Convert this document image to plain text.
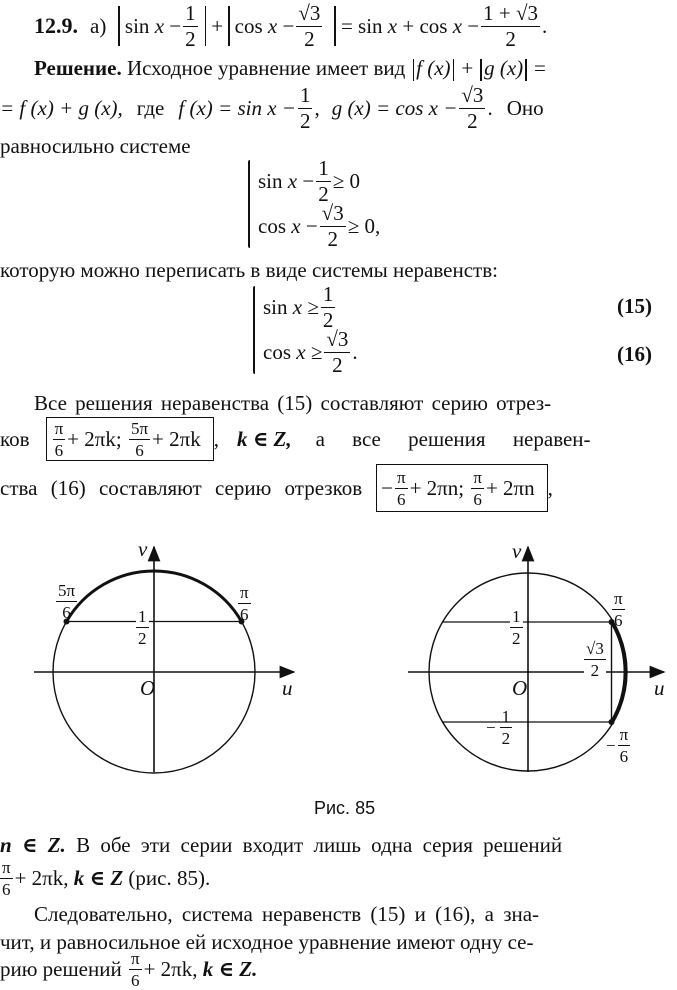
12.9. а) sin
x
− $\frac{1}{2} + \cos$
x
− $\frac{√3}{2}$ =
sin
x
+
cos
x
− $\frac{1 + √3}{2}$ .
Решение. Исходное уравнение имеет вид f (x) + g (x) =
= f (x) + g (x), где f $(x) = \sin x - \frac{1}{2}$ , g $(x) = \cos x - \frac{√3}{2}$ . Оно
равносильно системе
sin
x
− $\frac{1}{2} \ge 0$
cos
x
− $\frac{√3}{2} \ge 0$,
которую можно переписать в виде системы неравенств:
sin
x
≥ $\frac{1}{2}$	(15)
cos
x
≥ $\frac{√3}{2}$ .	(16)
Все решения неравенства (15) составляют серию отрез-
ков $\frac{\pi}{6} + 2\pi k$;
$\frac{5\pi}{6} + 2\pi k$ , k ∈ Z, а все решения неравен-
ства (16) составляют серию отрезков − $\frac{\pi}{6} + 2\pi n$;
$\frac{\pi}{6} + 2\pi n$ ,
v
u
O
$\frac{5\pi}{6}$	$\frac{\pi}{6}$
$\frac{1}{2}$
v
u
O
$\frac{\pi}{6}$
$\frac{1}{2}$
$\frac{√3}{2}$
− $\frac{1}{2}$	− $\frac{\pi}{6}$
Рис. 85
n ∈ Z. В обе эти серии входит лишь одна серия решений
$\frac{\pi}{6} + 2\pi k$,
k ∈ Z
(рис. 85).
Следовательно, система неравенств (15) и (16), а зна-
чит, и равносильное ей исходное уравнение имеют одну се-
рию решений
$\frac{\pi}{6} + 2\pi k$,
k ∈ Z.
